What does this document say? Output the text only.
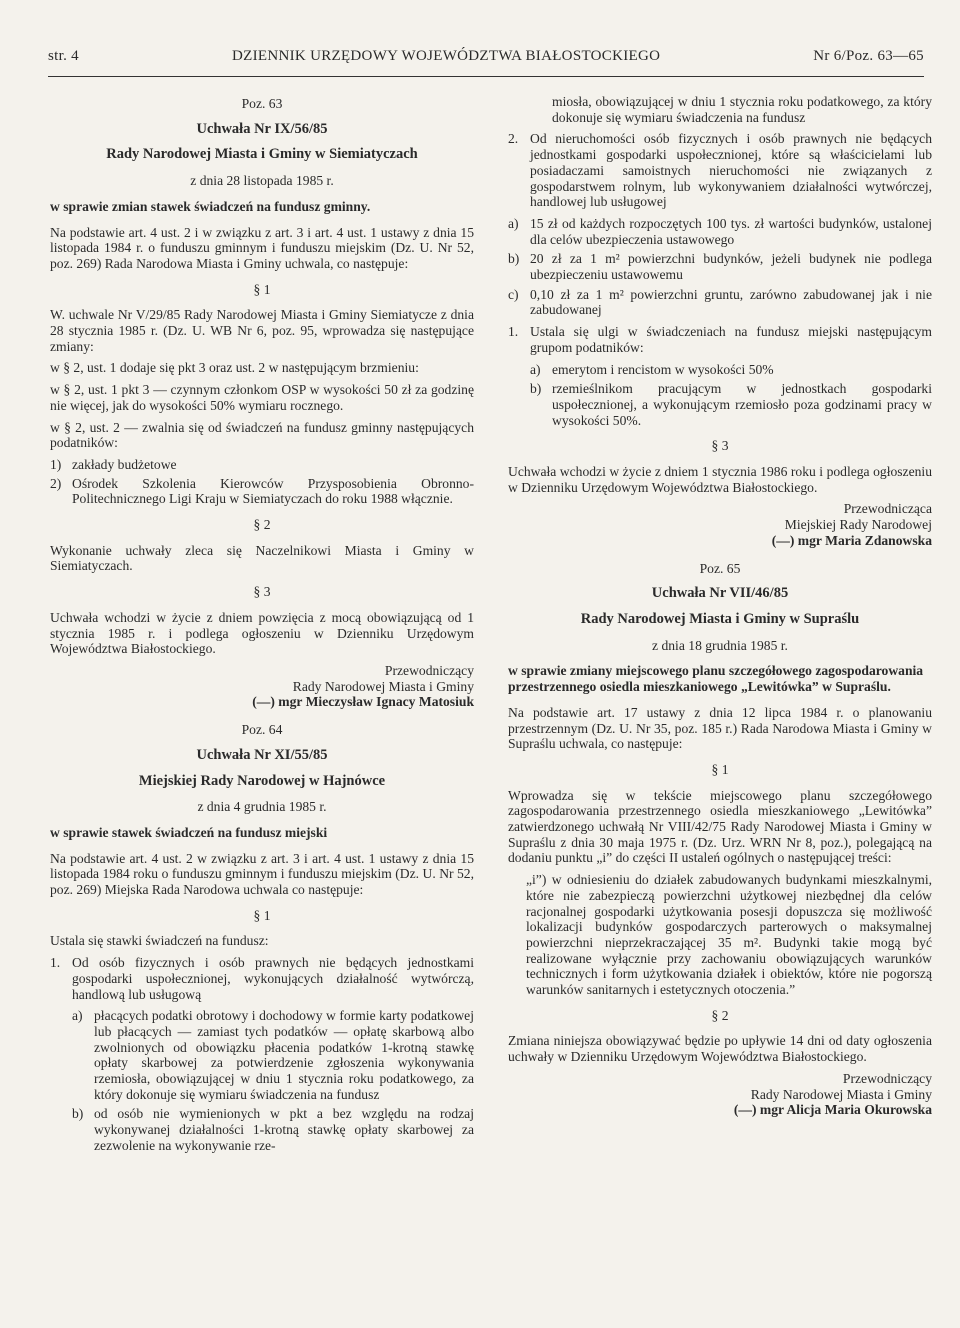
str. 4	DZIENNIK URZĘDOWY WOJEWÓDZTWA BIAŁOSTOCKIEGO	Nr 6/Poz. 63—65

Poz. 63

Uchwała Nr IX/56/85

Rady Narodowej Miasta i Gminy w Siemiatyczach

z dnia 28 listopada 1985 r.

w sprawie zmian stawek świadczeń na fundusz gminny.

Na podstawie art. 4 ust. 2 i w związku z art. 3 i art. 4 ust. 1 ustawy z dnia 15 listopada 1984 r. o funduszu gminnym i funduszu miejskim (Dz. U. Nr 52, poz. 269) Rada Narodowa Miasta i Gminy uchwala, co następuje:

§ 1

W. uchwale Nr V/29/85 Rady Narodowej Miasta i Gminy Siemiatycze z dnia 28 stycznia 1985 r. (Dz. U. WB Nr 6, poz. 95, wprowadza się następujące zmiany:

w § 2, ust. 1 dodaje się pkt 3 oraz ust. 2 w następującym brzmieniu:

w § 2, ust. 1 pkt 3 — czynnym członkom OSP w wysokości 50 zł za godzinę nie więcej, jak do wysokości 50% wymiaru rocznego.

w § 2, ust. 2 — zwalnia się od świadczeń na fundusz gminny następujących podatników:

1) zakłady budżetowe
2) Ośrodek Szkolenia Kierowców Przysposobienia Obronno-Politechnicznego Ligi Kraju w Siemiatyczach do roku 1988 włącznie.

§ 2

Wykonanie uchwały zleca się Naczelnikowi Miasta i Gminy w Siemiatyczach.

§ 3

Uchwała wchodzi w życie z dniem powzięcia z mocą obowiązującą od 1 stycznia 1985 r. i podlega ogłoszeniu w Dzienniku Urzędowym Województwa Białostockiego.

Przewodniczący

Rady Narodowej Miasta i Gminy

(—) mgr Mieczysław Ignacy Matosiuk

Poz. 64

Uchwała Nr XI/55/85

Miejskiej Rady Narodowej w Hajnówce

z dnia 4 grudnia 1985 r.

w sprawie stawek świadczeń na fundusz miejski

Na podstawie art. 4 ust. 2 w związku z art. 3 i art. 4 ust. 1 ustawy z dnia 15 listopada 1984 roku o funduszu gminnym i funduszu miejskim (Dz. U. Nr 52, poz. 269) Miejska Rada Narodowa uchwala co następuje:

§ 1

Ustala się stawki świadczeń na fundusz:

1. Od osób fizycznych i osób prawnych nie będących jednostkami gospodarki uspołecznionej, wykonujących działalność wytwórczą, handlową lub usługową
a) płacących podatki obrotowy i dochodowy w formie karty podatkowej lub płacących — zamiast tych podatków — opłatę skarbową albo zwolnionych od obowiązku płacenia podatków 1-krotną stawkę opłaty skarbowej za potwierdzenie zgłoszenia wykonywania rzemiosła, obowiązującej w dniu 1 stycznia roku podatkowego, za który dokonuje się wymiaru świadczenia na fundusz
b) od osób nie wymienionych w pkt a bez względu na rodzaj wykonywanej działalności 1-krotną stawkę opłaty skarbowej za zezwolenie na wykonywanie rze-
miosła, obowiązującej w dniu 1 stycznia roku podatkowego, za który dokonuje się wymiaru świadczenia na fundusz
2. Od nieruchomości osób fizycznych i osób prawnych nie będących jednostkami gospodarki uspołecznionej, które są właścicielami lub posiadaczami samoistnych nieruchomości nie związanych z gospodarstwem rolnym, lub wykonywaniem działalności wytwórczej, handlowej lub usługowej
a) 15 zł od każdych rozpoczętych 100 tys. zł wartości budynków, ustalonej dla celów ubezpieczenia ustawowego
b) 20 zł za 1 m² powierzchni budynków, jeżeli budynek nie podlega ubezpieczeniu ustawowemu
c) 0,10 zł za 1 m² powierzchni gruntu, zarówno zabudowanej jak i nie zabudowanej
1. Ustala się ulgi w świadczeniach na fundusz miejski następującym grupom podatników:
a) emerytom i rencistom w wysokości 50%
b) rzemieślnikom pracującym w jednostkach gospodarki uspołecznionej, a wykonującym rzemiosło poza godzinami pracy w wysokości 50%.

§ 3

Uchwała wchodzi w życie z dniem 1 stycznia 1986 roku i podlega ogłoszeniu w Dzienniku Urzędowym Województwa Białostockiego.

Przewodnicząca

Miejskiej Rady Narodowej

(—) mgr Maria Zdanowska

Poz. 65

Uchwała Nr VII/46/85

Rady Narodowej Miasta i Gminy w Supraślu

z dnia 18 grudnia 1985 r.

w sprawie zmiany miejscowego planu szczegółowego zagospodarowania przestrzennego osiedla mieszkaniowego „Lewitówka” w Supraślu.

Na podstawie art. 17 ustawy z dnia 12 lipca 1984 r. o planowaniu przestrzennym (Dz. U. Nr 35, poz. 185 r.) Rada Narodowa Miasta i Gminy w Supraślu uchwala, co następuje:

§ 1

Wprowadza się w tekście miejscowego planu szczegółowego zagospodarowania przestrzennego osiedla mieszkaniowego „Lewitówka” zatwierdzonego uchwałą Nr VIII/42/75 Rady Narodowej Miasta i Gminy w Supraślu z dnia 30 maja 1975 r. (Dz. Urz. WRN Nr 8, poz.), polegającą na dodaniu punktu „i” do części II ustaleń ogólnych o następującej treści:

„i”) w odniesieniu do działek zabudowanych budynkami mieszkalnymi, które nie zabezpieczą powierzchni użytkowej niezbędnej dla celów racjonalnej gospodarki użytkowania posesji dopuszcza się możliwość lokalizacji budynków gospodarczych parterowych o maksymalnej powierzchni nieprzekraczającej 35 m². Budynki takie mogą być realizowane wyłącznie przy zachowaniu obowiązujących warunków technicznych i form użytkowania działek i obiektów, które nie pogorszą warunków sanitarnych i estetycznych otoczenia.”

§ 2

Zmiana niniejsza obowiązywać będzie po upływie 14 dni od daty ogłoszenia uchwały w Dzienniku Urzędowym Województwa Białostockiego.

Przewodniczący

Rady Narodowej Miasta i Gminy

(—) mgr Alicja Maria Okurowska
